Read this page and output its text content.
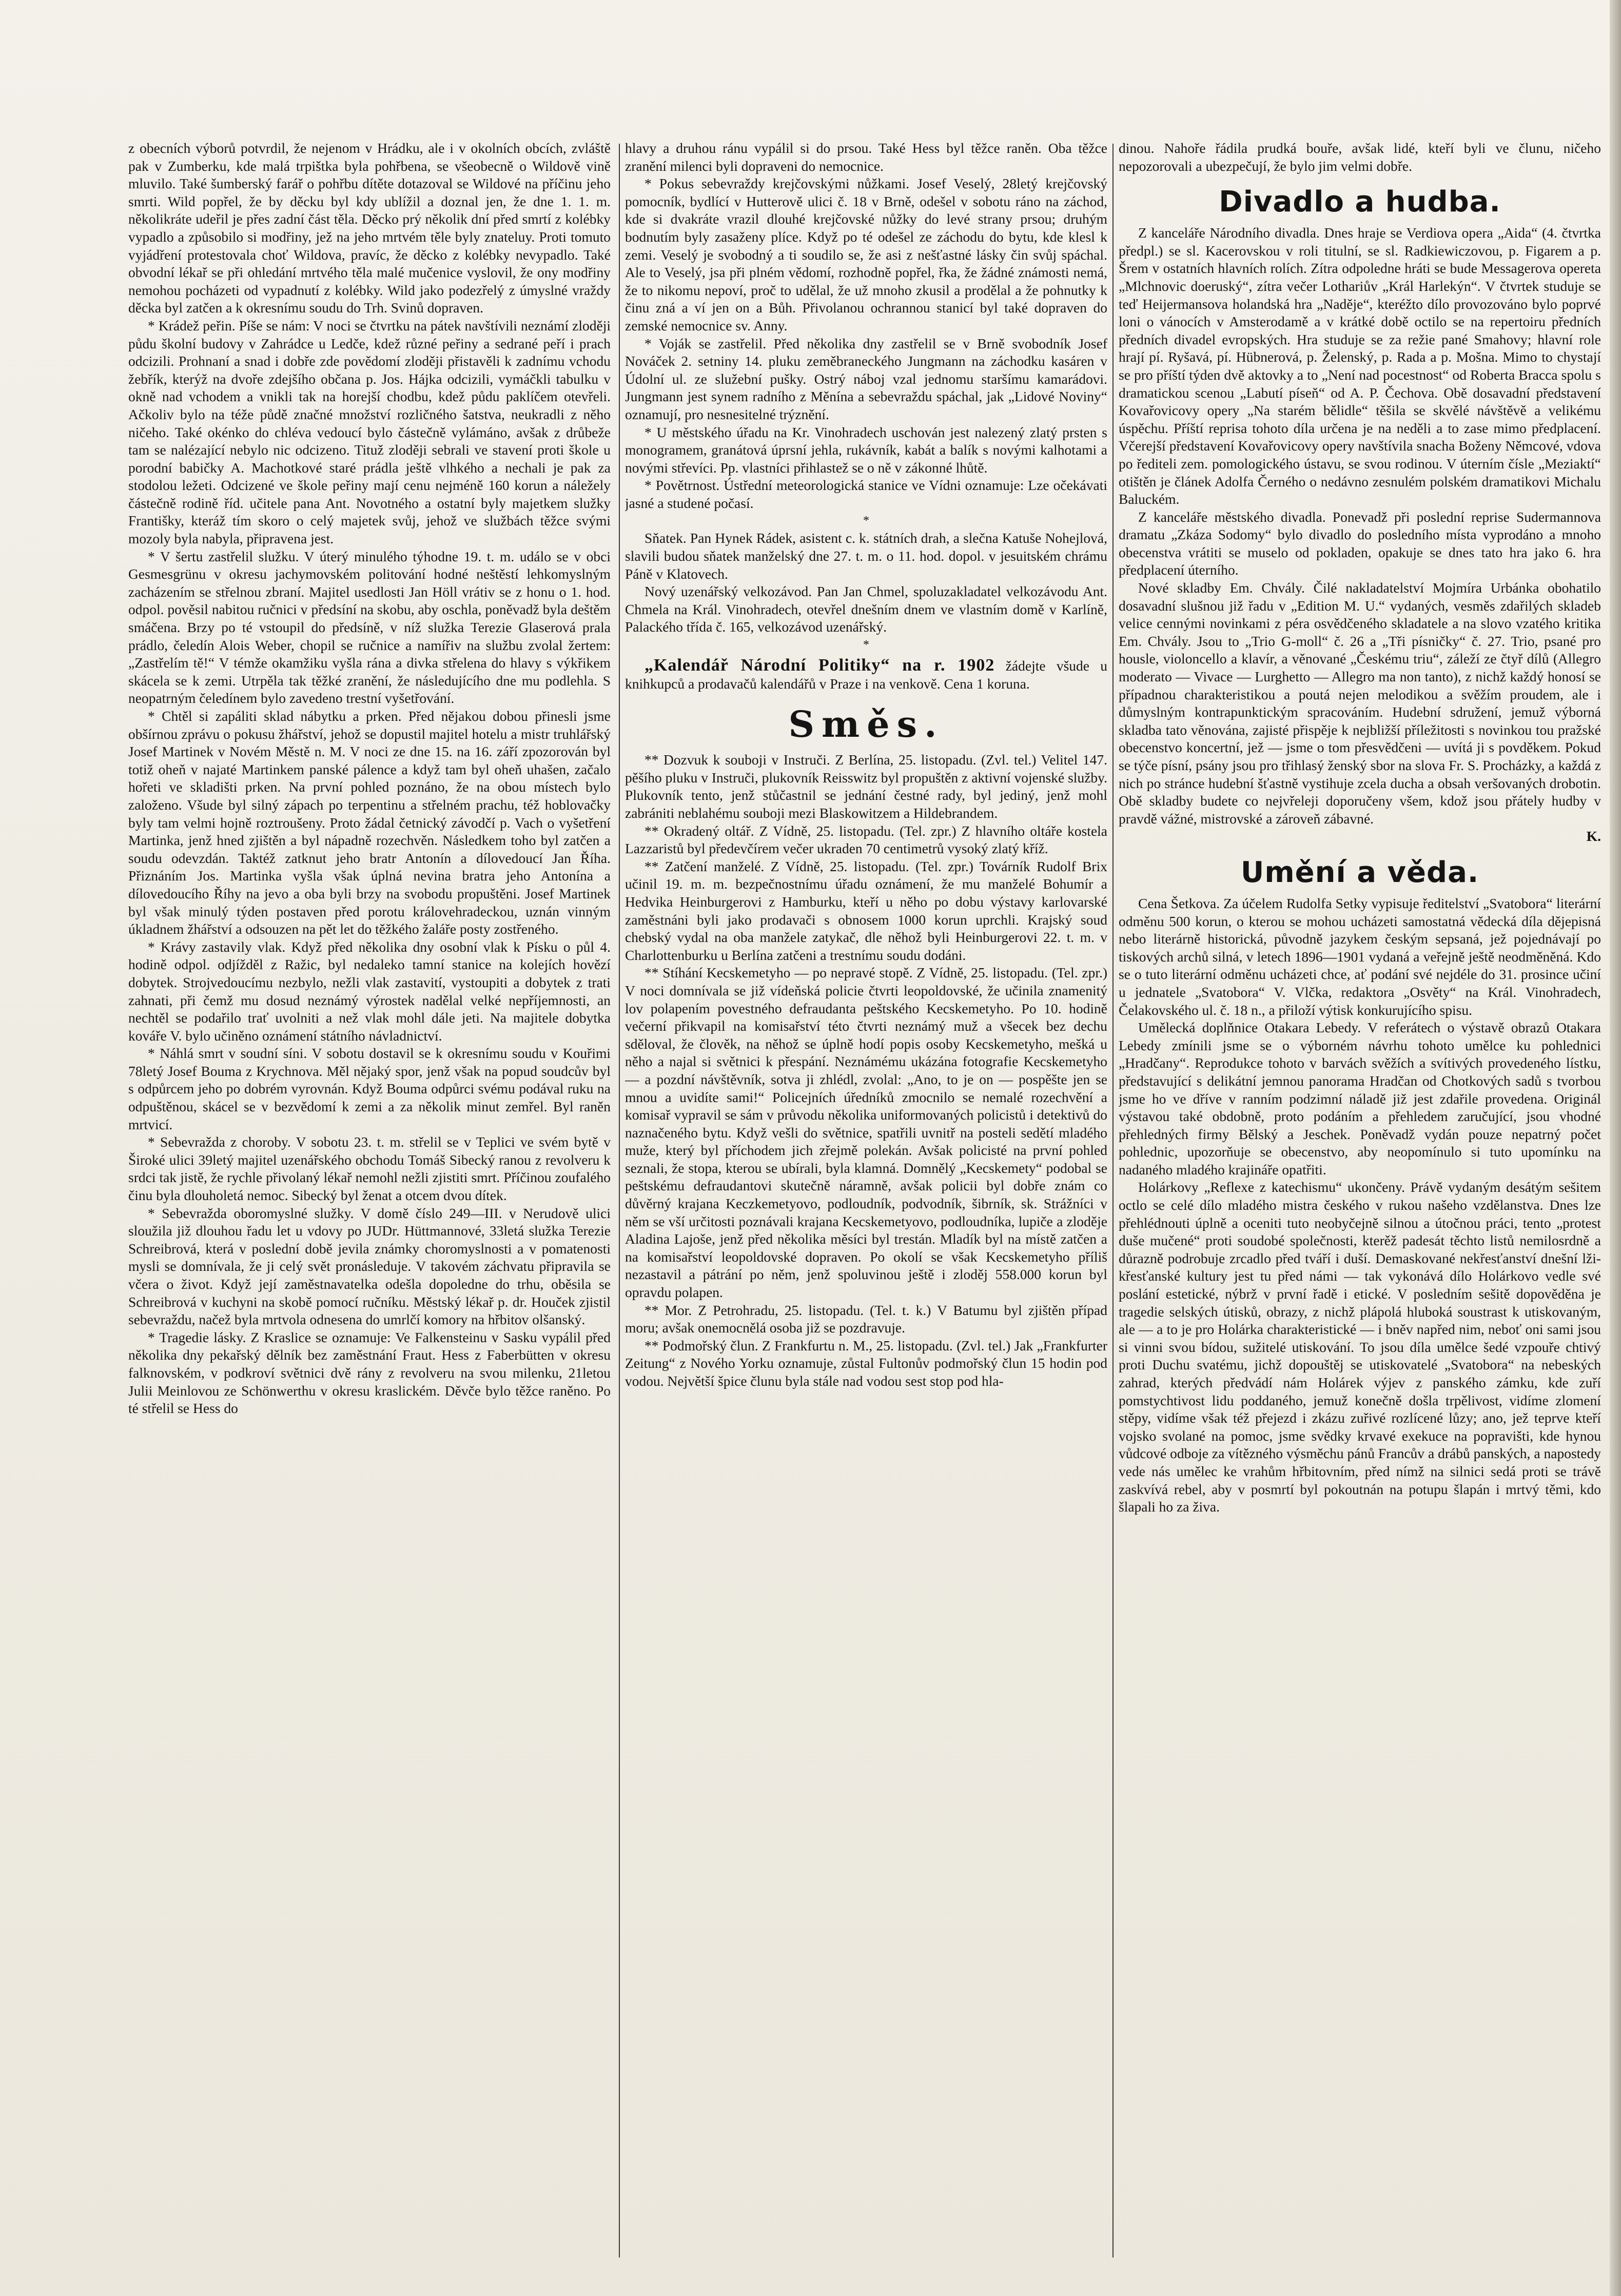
z obecních výborů potvrdil, že nejenom v Hrádku, ale i v okolních obcích, zvláště pak v Zumberku, kde malá trpištka byla pohřbena, se všeobecně o Wildově vině mluvilo. Také šumberský farář o pohřbu dítěte dotazoval se Wildové na příčinu jeho smrti. Wild popřel, že by děcku byl kdy ublížil a doznal jen, že dne 1. 1. m. několikráte udeřil je přes zadní část těla. Děcko prý několik dní před smrtí z kolébky vypadlo a způsobilo si modřiny, jež na jeho mrtvém těle byly znateluy. Proti tomuto vyjádření protestovala choť Wildova, pravíc, že děcko z kolébky nevypadlo. Také obvodní lékař se při ohledání mrtvého těla malé mučenice vyslovil, že ony modřiny nemohou pocházeti od vypadnutí z kolébky. Wild jako podezřelý z úmyslné vraždy děcka byl zatčen a k okresnímu soudu do Trh. Svinů dopraven.

* Krádež peřin. Píše se nám: V noci se čtvrtku na pátek navštívili neznámí zloději půdu školní budovy v Zahrádce u Ledče, kdež různé peřiny a sedrané peří i prach odcizili. Prohnaní a snad i dobře zde povědomí zloději přistavěli k zadnímu vchodu žebřík, kterýž na dvoře zdejšího občana p. Jos. Hájka odcizili, vymáčkli tabulku v okně nad vchodem a vnikli tak na horejší chodbu, kdež půdu paklíčem otevřeli. Ačkoliv bylo na téže půdě značné množství rozličného šatstva, neukradli z něho ničeho. Také okénko do chléva vedoucí bylo částečně vylámáno, avšak z drůbeže tam se nalézající nebylo nic odcizeno. Tituž zloději sebrali ve stavení proti škole u porodní babičky A. Machotkové staré prádla ještě vlhkého a nechali je pak za stodolou ležeti. Odcizené ve škole peřiny mají cenu nejméně 160 korun a náležely částečně rodině říd. učitele pana Ant. Novotného a ostatní byly majetkem služky Františky, kteráž tím skoro o celý majetek svůj, jehož ve službách těžce svými mozoly byla nabyla, připravena jest.

* V šertu zastřelil služku. V úterý minulého týhodne 19. t. m. událo se v obci Gesmesgrünu v okresu jachymovském politování hodné neštěstí lehkomyslným zacházením se střelnou zbraní. Majitel usedlosti Jan Höll vrátiv se z honu o 1. hod. odpol. pověsil nabitou ručnici v předsíní na skobu, aby oschla, poněvadž byla deštěm smáčena. Brzy po té vstoupil do předsíně, v níž služka Terezie Glaserová prala prádlo, čeledín Alois Weber, chopil se ručnice a namířiv na službu zvolal žertem: „Zastřelím tě!“ V témže okamžiku vyšla rána a divka střelena do hlavy s výkřikem skácela se k zemi. Utrpěla tak těžké zranění, že následujícího dne mu podlehla. S neopatrným čeledínem bylo zavedeno trestní vyšetřování.

* Chtěl si zapáliti sklad nábytku a prken. Před nějakou dobou přinesli jsme obšírnou zprávu o pokusu žhářství, jehož se dopustil majitel hotelu a mistr truhlářský Josef Martinek v Novém Městě n. M. V noci ze dne 15. na 16. září zpozorován byl totiž oheň v najaté Martinkem panské pálence a když tam byl oheň uhašen, začalo hořeti ve skladišti prken. Na první pohled poznáno, že na obou místech bylo založeno. Všude byl silný zápach po terpentinu a střelném prachu, též hoblovačky byly tam velmi hojně roztroušeny. Proto žádal četnický závodčí p. Vach o vyšetření Martinka, jenž hned zjištěn a byl nápadně rozechvěn. Následkem toho byl zatčen a soudu odevzdán. Taktéž zatknut jeho bratr Antonín a dílovedoucí Jan Říha. Přiznáním Jos. Martinka vyšla však úplná nevina bratra jeho Antonína a dílovedoucího Říhy na jevo a oba byli brzy na svobodu propuštěni. Josef Martinek byl však minulý týden postaven před porotu královehradeckou, uznán vinným úkladnem žhářství a odsouzen na pět let do těžkého žaláře posty zostřeného.

* Krávy zastavily vlak. Když před několika dny osobní vlak k Písku o půl 4. hodině odpol. odjížděl z Ražic, byl nedaleko tamní stanice na kolejích hovězí dobytek. Strojvedoucímu nezbylo, nežli vlak zastavití, vystoupiti a dobytek z trati zahnati, při čemž mu dosud neznámý výrostek nadělal velké nepříjemnosti, an nechtěl se podařilo trať uvolniti a než vlak mohl dále jeti. Na majitele dobytka kováře V. bylo učiněno oznámení státního návladnictví.

* Náhlá smrt v soudní síni. V sobotu dostavil se k okresnímu soudu v Kouřimi 78letý Josef Bouma z Krychnova. Měl nějaký spor, jenž však na popud soudcův byl s odpůrcem jeho po dobrém vyrovnán. Když Bouma odpůrci svému podával ruku na odpuštěnou, skácel se v bezvědomí k zemi a za několik minut zemřel. Byl raněn mrtvicí.

* Sebevražda z choroby. V sobotu 23. t. m. střelil se v Teplici ve svém bytě v Široké ulici 39letý majitel uzenářského obchodu Tomáš Sibecký ranou z revolveru k srdci tak jistě, že rychle přivolaný lékař nemohl nežli zjistiti smrt. Příčinou zoufalého činu byla dlouholetá nemoc. Sibecký byl ženat a otcem dvou dítek.

* Sebevražda oboromyslné služky. V domě číslo 249—III. v Nerudově ulici sloužila již dlouhou řadu let u vdovy po JUDr. Hüttmannové, 33letá služka Terezie Schreibrová, která v poslední době jevila známky choromyslnosti a v pomatenosti mysli se domnívala, že ji celý svět pronásleduje. V takovém záchvatu připravila se včera o život. Když její zaměstnavatelka odešla dopoledne do trhu, oběsila se Schreibrová v kuchyni na skobě pomocí ručníku. Městský lékař p. dr. Houček zjistil sebevraždu, načež byla mrtvola odnesena do umrlčí komory na hřbitov olšanský.

* Tragedie lásky. Z Kraslice se oznamuje: Ve Falkensteinu v Sasku vypálil před několika dny pekařský dělník bez zaměstnání Fraut. Hess z Faberbütten v okresu falknovském, v podkroví světnici dvě rány z revolveru na svou milenku, 21letou Julii Meinlovou ze Schönwerthu v okresu kraslickém. Děvče bylo těžce raněno. Po té střelil se Hess do

hlavy a druhou ránu vypálil si do prsou. Také Hess byl těžce raněn. Oba těžce zranění milenci byli dopraveni do nemocnice.

* Pokus sebevraždy krejčovskými nůžkami. Josef Veselý, 28letý krejčovský pomocník, bydlící v Hutterově ulici č. 18 v Brně, odešel v sobotu ráno na záchod, kde si dvakráte vrazil dlouhé krejčovské nůžky do levé strany prsou; druhým bodnutím byly zasaženy plíce. Když po té odešel ze záchodu do bytu, kde klesl k zemi. Veselý je svobodný a ti soudilo se, že asi z nešťastné lásky čin svůj spáchal. Ale to Veselý, jsa při plném vědomí, rozhodně popřel, řka, že žádné známosti nemá, že to nikomu nepoví, proč to udělal, že už mnoho zkusil a prodělal a že pohnutky k činu zná a ví jen on a Bůh. Přivolanou ochrannou stanicí byl také dopraven do zemské nemocnice sv. Anny.

* Voják se zastřelil. Před několika dny zastřelil se v Brně svobodník Josef Nováček 2. setniny 14. pluku zeměbraneckého Jungmann na záchodku kasáren v Údolní ul. ze služební pušky. Ostrý náboj vzal jednomu staršímu kamarádovi. Jungmann jest synem radního z Měnína a sebevraždu spáchal, jak „Lidové Noviny“ oznamují, pro nesnesitelné trýznění.

* U městského úřadu na Kr. Vinohradech uschován jest nalezený zlatý prsten s monogramem, granátová úprsní jehla, rukávník, kabát a balík s novými kalhotami a novými střevíci. Pp. vlastníci přihlastež se o ně v zákonné lhůtě.

* Povětrnost. Ústřední meteorologická stanice ve Vídni oznamuje: Lze očekávati jasné a studené počasí.

*

Sňatek. Pan Hynek Rádek, asistent c. k. státních drah, a slečna Katuše Nohejlová, slavili budou sňatek manželský dne 27. t. m. o 11. hod. dopol. v jesuitském chrámu Páně v Klatovech.

Nový uzenářský velkozávod. Pan Jan Chmel, spoluzakladatel velkozávodu Ant. Chmela na Král. Vinohradech, otevřel dnešním dnem ve vlastním domě v Karlíně, Palackého třída č. 165, velkozávod uzenářský.

*

„Kalendář Národní Politiky“ na r. 1902 žádejte všude u knihkupců a prodavačů kalendářů v Praze i na venkově. Cena 1 koruna.

Směs.

** Dozvuk k souboji v Instruči. Z Berlína, 25. listopadu. (Zvl. tel.) Velitel 147. pěšího pluku v Instruči, plukovník Reisswitz byl propuštěn z aktivní vojenské služby. Plukovník tento, jenž stůčastnil se jednání čestné rady, byl jediný, jenž mohl zabrániti neblahému souboji mezi Blaskowitzem a Hildebrandem.

** Okradený oltář. Z Vídně, 25. listopadu. (Tel. zpr.) Z hlavního oltáře kostela Lazzaristů byl předevčírem večer ukraden 70 centimetrů vysoký zlatý kříž.

** Zatčení manželé. Z Vídně, 25. listopadu. (Tel. zpr.) Továrník Rudolf Brix učinil 19. m. m. bezpečnostnímu úřadu oznámení, že mu manželé Bohumír a Hedvika Heinburgerovi z Hamburku, kteří u něho po dobu výstavy karlovarské zaměstnáni byli jako prodavači s obnosem 1000 korun uprchli. Krajský soud chebský vydal na oba manžele zatykač, dle něhož byli Heinburgerovi 22. t. m. v Charlottenburku u Berlína zatčeni a trestnímu soudu dodáni.

** Stíhání Kecskemetyho — po nepravé stopě. Z Vídně, 25. listopadu. (Tel. zpr.) V noci domnívala se již vídeňská policie čtvrti leopoldovské, že učinila znamenitý lov polapením povestného defraudanta peštského Kecskemetyho. Po 10. hodině večerní přikvapil na komisařství této čtvrti neznámý muž a všecek bez dechu sděloval, že člověk, na něhož se úplně hodí popis osoby Kecskemetyho, mešká u něho a najal si světnici k přespání. Neznámému ukázána fotografie Kecskemetyho — a pozdní návštěvník, sotva ji zhlédl, zvolal: „Ano, to je on — pospěšte jen se mnou a uvidíte sami!“ Policejních úředníků zmocnilo se nemalé rozechvění a komisař vypravil se sám v průvodu několika uniformovaných policistů i detektivů do naznačeného bytu. Když vešli do světnice, spatřili uvnitř na posteli sedětí mladého muže, který byl příchodem jich zřejmě polekán. Avšak policisté na první pohled seznali, že stopa, kterou se ubírali, byla klamná. Domnělý „Kecskemety“ podobal se peštskému defraudantovi skutečně náramně, avšak policii byl dobře znám co důvěrný krajana Keczkemetyovo, podloudník, podvodník, šibrník, sk. Strážníci v něm se vší určitosti poznávali krajana Kecskemetyovo, podloudníka, lupiče a zloděje Aladina Lajoše, jenž před několika měsíci byl trestán. Mladík byl na místě zatčen a na komisařství leopoldovské dopraven. Po okolí se však Kecskemetyho příliš nezastavil a pátrání po něm, jenž spoluvinou ještě i zloděj 558.000 korun byl opravdu polapen.

** Mor. Z Petrohradu, 25. listopadu. (Tel. t. k.) V Batumu byl zjištěn případ moru; avšak onemocnělá osoba již se pozdravuje.

** Podmořský člun. Z Frankfurtu n. M., 25. listopadu. (Zvl. tel.) Jak „Frankfurter Zeitung“ z Nového Yorku oznamuje, zůstal Fultonův podmořský člun 15 hodin pod vodou. Největší špice člunu byla stále nad vodou sest stop pod hla-

dinou. Nahoře řádila prudká bouře, avšak lidé, kteří byli ve člunu, ničeho nepozorovali a ubezpečují, že bylo jim velmi dobře.

Divadlo a hudba.

Z kanceláře Národního divadla. Dnes hraje se Verdiova opera „Aida“ (4. čtvrtka předpl.) se sl. Kacerovskou v roli titulní, se sl. Radkiewiczovou, p. Figarem a p. Šrem v ostatních hlavních rolích. Zítra odpoledne hráti se bude Messagerova opereta „Mlchnovic doeruský“, zítra večer Lothariův „Král Harlekýn“. V čtvrtek studuje se teď Heijermansova holandská hra „Naděje“, kteréžto dílo provozováno bylo poprvé loni o vánocích v Amsterodamě a v krátké době octilo se na repertoiru předních předních divadel evropských. Hra studuje se za režie pané Smahovy; hlavní role hrají pí. Ryšavá, pí. Hübnerová, p. Želenský, p. Rada a p. Mošna. Mimo to chystají se pro příští týden dvě aktovky a to „Není nad pocestnost“ od Roberta Bracca spolu s dramatickou scenou „Labutí píseň“ od A. P. Čechova. Obě dosavadní představení Kovařovicovy opery „Na starém bělidle“ těšila se skvělé návštěvě a velikému úspěchu. Příští reprisa tohoto díla určena je na neděli a to zase mimo předplacení. Včerejší představení Kovařovicovy opery navštívila snacha Boženy Němcové, vdova po řediteli zem. pomologického ústavu, se svou rodinou. V úterním čísle „Meziaktí“ otištěn je článek Adolfa Černého o nedávno zesnulém polském dramatikovi Michalu Baluckém.

Z kanceláře městského divadla. Ponevadž při poslední reprise Sudermannova dramatu „Zkáza Sodomy“ bylo divadlo do posledního místa vyprodáno a mnoho obecenstva vrátiti se muselo od pokladen, opakuje se dnes tato hra jako 6. hra předplacení úterního.

Nové skladby Em. Chvály. Čilé nakladatelství Mojmíra Urbánka obohatilo dosavadní slušnou již řadu v „Edition M. U.“ vydaných, vesměs zdařilých skladeb velice cennými novinkami z péra osvědčeného skladatele a na slovo vzatého kritika Em. Chvály. Jsou to „Trio G-moll“ č. 26 a „Tři písničky“ č. 27. Trio, psané pro housle, violoncello a klavír, a věnované „Českému triu“, záleží ze čtyř dílů (Allegro moderato — Vivace — Lurghetto — Allegro ma non tanto), z nichž každý honosí se případnou charakteristikou a poutá nejen melodikou a svěžím proudem, ale i důmyslným kontrapunktickým spracováním. Hudební sdružení, jemuž výborná skladba tato věnována, zajisté přispěje k nejbližší příležitosti s novinkou tou pražské obecenstvo koncertní, jež — jsme o tom přesvědčeni — uvítá ji s povděkem. Pokud se týče písní, psány jsou pro třihlasý ženský sbor na slova Fr. S. Procházky, a každá z nich po stránce hudební šťastně vystihuje zcela ducha a obsah veršovaných drobotin. Obě skladby budete co nejvřeleji doporučeny všem, kdož jsou přátely hudby v pravdě vážné, mistrovské a zároveň zábavné.

K.
Umění a věda.

Cena Šetkova. Za účelem Rudolfa Setky vypisuje ředitelství „Svatobora“ literární odměnu 500 korun, o kterou se mohou ucházeti samostatná vědecká díla dějepisná nebo literárně historická, původně jazykem českým sepsaná, jež pojednávají po tiskových archů silná, v letech 1896—1901 vydaná a veřejně ještě neodměněná. Kdo se o tuto literární odměnu ucházeti chce, ať podání své nejdéle do 31. prosince učiní u jednatele „Svatobora“ V. Vlčka, redaktora „Osvěty“ na Král. Vinohradech, Čelakovského ul. č. 18 n., a přiloží výtisk konkurujícího spisu.

Umělecká doplňnice Otakara Lebedy. V referátech o výstavě obrazů Otakara Lebedy zmínili jsme se o výborném návrhu tohoto umělce ku pohlednici „Hradčany“. Reprodukce tohoto v barvách svěžích a svítivých provedeného lístku, představující s delikátní jemnou panorama Hradčan od Chotkových sadů s tvorbou jsme ho ve dříve v ranním podzimní náladě již jest zdařile provedena. Originál výstavou také obdobně, proto podáním a přehledem zaručující, jsou vhodné přehledných firmy Bělský a Jeschek. Poněvadž vydán pouze nepatrný počet pohlednic, upozorňuje se obecenstvo, aby neopomínulo si tuto upomínku na nadaného mladého krajináře opatřiti.

Holárkovy „Reflexe z katechismu“ ukončeny. Právě vydaným desátým sešitem octlo se celé dílo mladého mistra českého v rukou našeho vzdělanstva. Dnes lze přehlédnouti úplně a oceniti tuto neobyčejně silnou a útočnou práci, tento „protest duše mučené“ proti soudobé společnosti, kterěž padesát těchto listů nemilosrdně a důrazně podrobuje zrcadlo před tváří i duší. Demaskované nekřesťanství dnešní lži-křesťanské kultury jest tu před námi — tak vykonává dílo Holárkovo vedle své poslání estetické, nýbrž v první řadě i etické. V posledním sešitě dopověděna je tragedie selských útisků, obrazy, z nichž plápolá hluboká soustrast k utiskovaným, ale — a to je pro Holárka charakteristické — i bněv napřed nim, neboť oni sami jsou si vinni svou bídou, sužitelé utiskování. To jsou díla umělce šedé vzpouře chtivý proti Duchu svatému, jichž dopouštěj se utiskovatelé „Svatobora“ na nebeských zahrad, kterých předvádí nám Holárek výjev z panského zámku, kde zuří pomstychtivost lidu poddaného, jemuž konečně došla trpělivost, vidíme zlomení stěpy, vidíme však též přejezd i zkázu zuřivé rozlícené lůzy; ano, jež teprve kteří vojsko svolané na pomoc, jsme svědky krvavé exekuce na popravišti, kde hynou vůdcové odboje za vítězného výsměchu pánů Francův a drábů panských, a napostedy vede nás umělec ke vrahům hřbitovním, před nímž na silnici sedá proti se trávě zaskvívá rebel, aby v posmrtí byl pokoutnán na potupu šlapán i mrtvý těmi, kdo šlapali ho za živa.
